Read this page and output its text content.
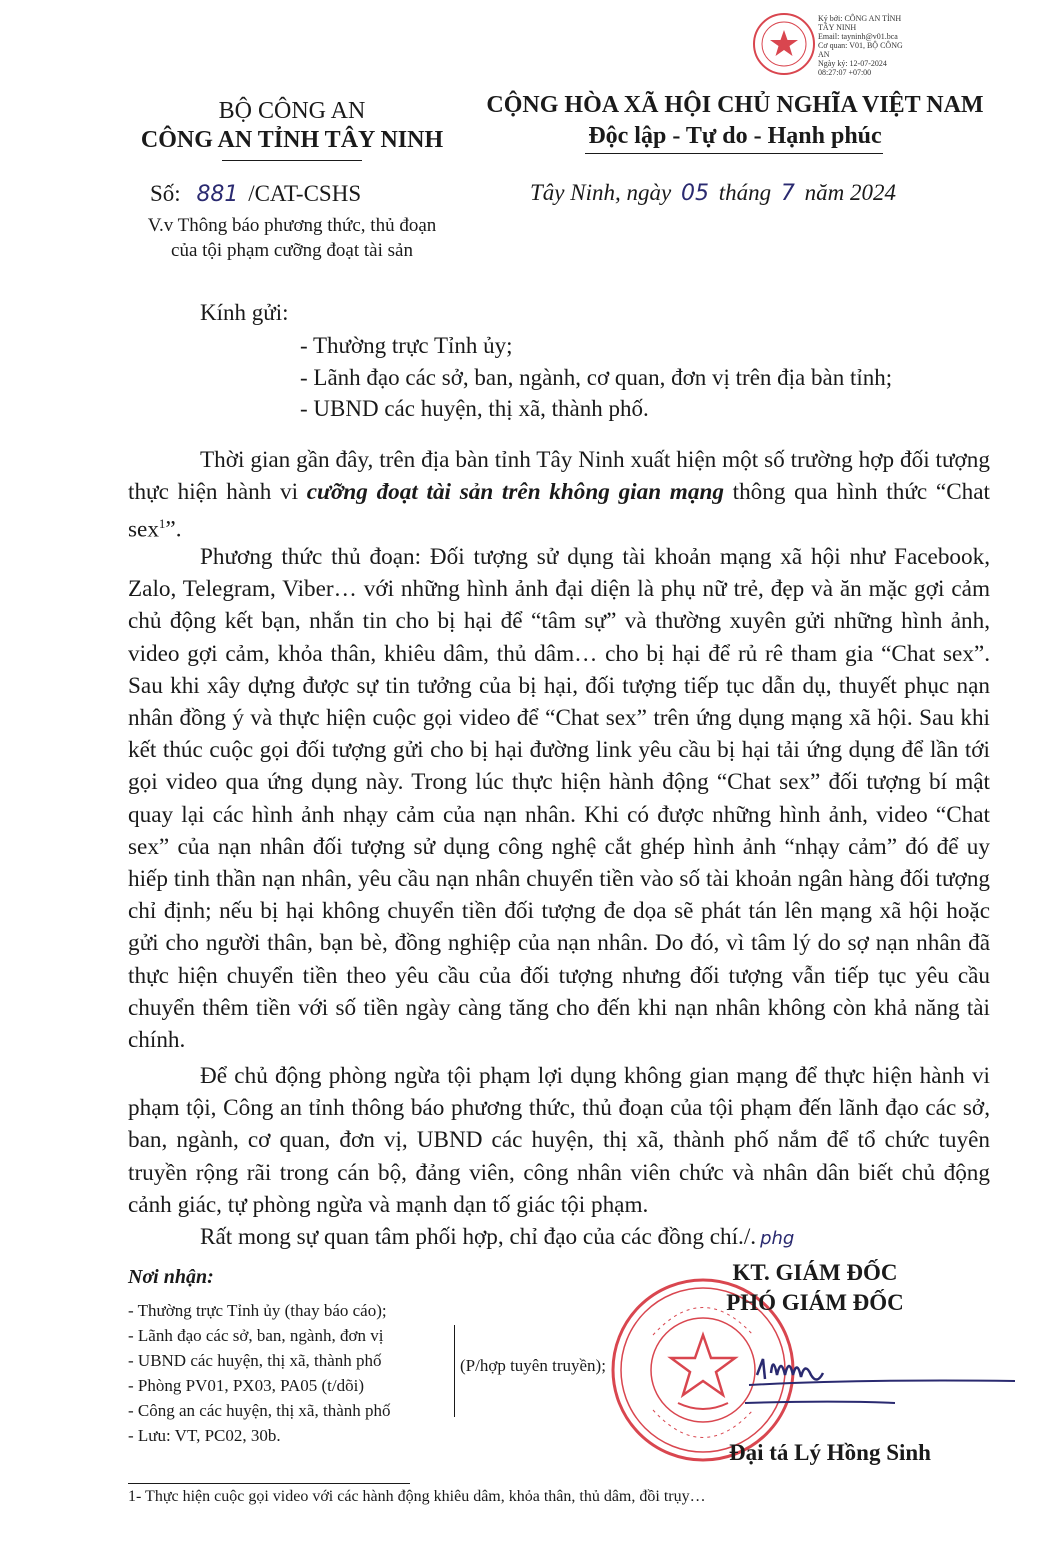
Ký bởi: CÔNG AN TỈNH
TÂY NINH
Email: tayninh@v01.bca
Cơ quan: V01, BỘ CÔNG
AN
Ngày ký: 12-07-2024
08:27:07 +07:00
BỘ CÔNG AN
CÔNG AN TỈNH TÂY NINH
Số: 881 /CAT-CSHS
V.v Thông báo phương thức, thủ đoạn
của tội phạm cưỡng đoạt tài sản
CỘNG HÒA XÃ HỘI CHỦ NGHĨA VIỆT NAM
Độc lập - Tự do - Hạnh phúc
Tây Ninh, ngày 05 tháng 7 năm 2024
Kính gửi:
- Thường trực Tỉnh ủy;
- Lãnh đạo các sở, ban, ngành, cơ quan, đơn vị trên địa bàn tỉnh;
- UBND các huyện, thị xã, thành phố.
Thời gian gần đây, trên địa bàn tỉnh Tây Ninh xuất hiện một số trường hợp đối tượng thực hiện hành vi cưỡng đoạt tài sản trên không gian mạng thông qua hình thức “Chat sex$^1$”.
Phương thức thủ đoạn: Đối tượng sử dụng tài khoản mạng xã hội như Facebook, Zalo, Telegram, Viber… với những hình ảnh đại diện là phụ nữ trẻ, đẹp và ăn mặc gợi cảm chủ động kết bạn, nhắn tin cho bị hại để “tâm sự” và thường xuyên gửi những hình ảnh, video gợi cảm, khỏa thân, khiêu dâm, thủ dâm… cho bị hại để rủ rê tham gia “Chat sex”. Sau khi xây dựng được sự tin tưởng của bị hại, đối tượng tiếp tục dẫn dụ, thuyết phục nạn nhân đồng ý và thực hiện cuộc gọi video để “Chat sex” trên ứng dụng mạng xã hội. Sau khi kết thúc cuộc gọi đối tượng gửi cho bị hại đường link yêu cầu bị hại tải ứng dụng để lần tới gọi video qua ứng dụng này. Trong lúc thực hiện hành động “Chat sex” đối tượng bí mật quay lại các hình ảnh nhạy cảm của nạn nhân. Khi có được những hình ảnh, video “Chat sex” của nạn nhân đối tượng sử dụng công nghệ cắt ghép hình ảnh “nhạy cảm” đó để uy hiếp tinh thần nạn nhân, yêu cầu nạn nhân chuyển tiền vào số tài khoản ngân hàng đối tượng chỉ định; nếu bị hại không chuyển tiền đối tượng đe dọa sẽ phát tán lên mạng xã hội hoặc gửi cho người thân, bạn bè, đồng nghiệp của nạn nhân. Do đó, vì tâm lý do sợ nạn nhân đã thực hiện chuyển tiền theo yêu cầu của đối tượng nhưng đối tượng vẫn tiếp tục yêu cầu chuyển thêm tiền với số tiền ngày càng tăng cho đến khi nạn nhân không còn khả năng tài chính.
Để chủ động phòng ngừa tội phạm lợi dụng không gian mạng để thực hiện hành vi phạm tội, Công an tỉnh thông báo phương thức, thủ đoạn của tội phạm đến lãnh đạo các sở, ban, ngành, cơ quan, đơn vị, UBND các huyện, thị xã, thành phố nắm để tổ chức tuyên truyền rộng rãi trong cán bộ, đảng viên, công nhân viên chức và nhân dân biết chủ động cảnh giác, tự phòng ngừa và mạnh dạn tố giác tội phạm.
Rất mong sự quan tâm phối hợp, chỉ đạo của các đồng chí./. phg
Nơi nhận:
- Thường trực Tỉnh ủy (thay báo cáo);
- Lãnh đạo các sở, ban, ngành, đơn vị
- UBND các huyện, thị xã, thành phố
- Phòng PV01, PX03, PA05 (t/dõi)
- Công an các huyện, thị xã, thành phố
- Lưu: VT, PC02, 30b.
(P/hợp tuyên truyền);
KT. GIÁM ĐỐC
PHÓ GIÁM ĐỐC
Đại tá Lý Hồng Sinh
1- Thực hiện cuộc gọi video với các hành động khiêu dâm, khỏa thân, thủ dâm, đồi trụy…
